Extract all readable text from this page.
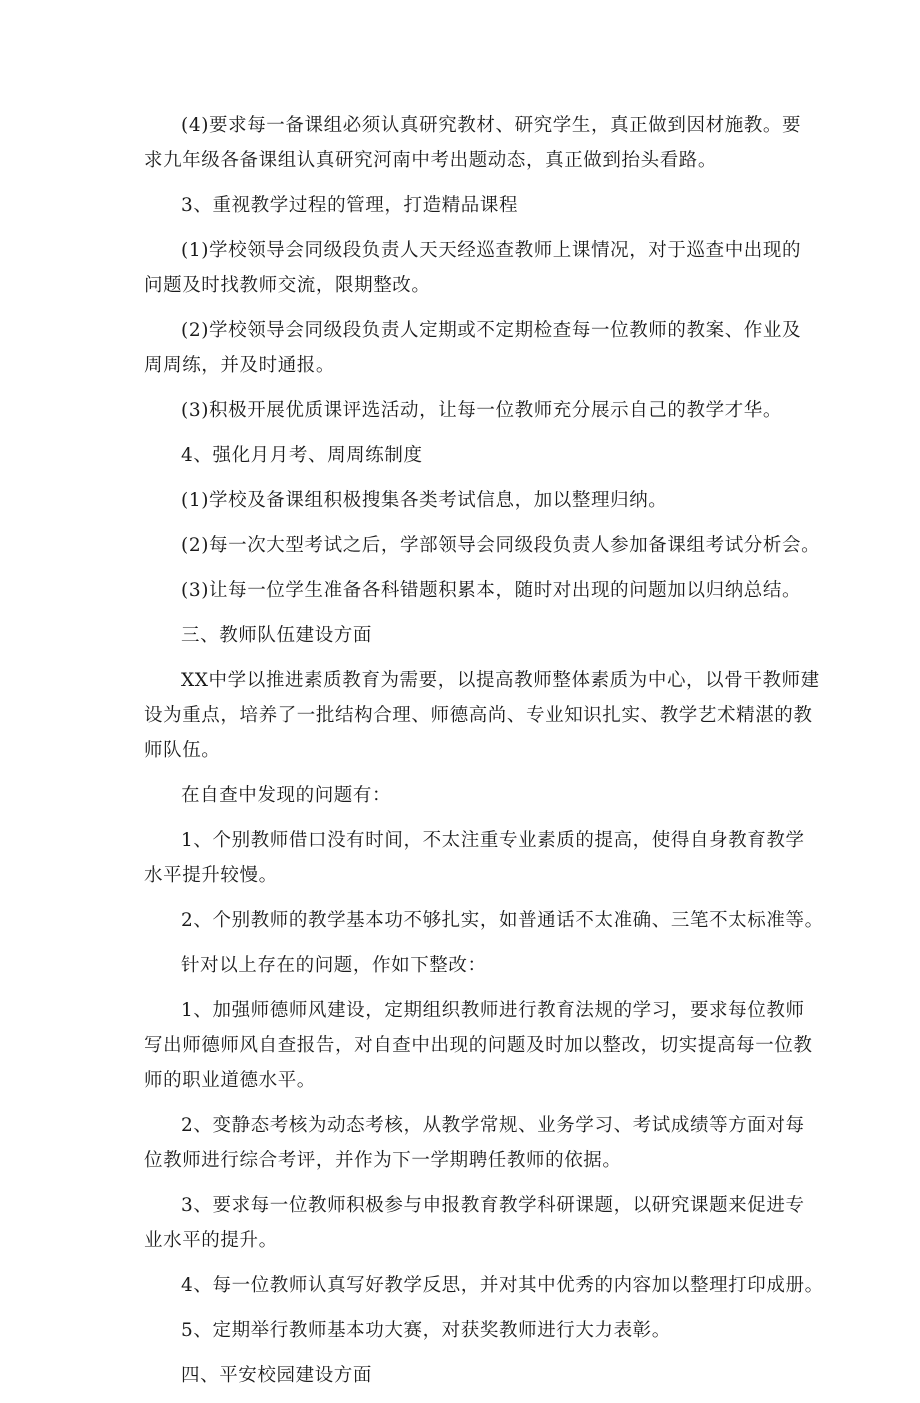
(4)要求每一备课组必须认真研究教材、研究学生，真正做到因材施教。要
求九年级各备课组认真研究河南中考出题动态，真正做到抬头看路。

3、重视教学过程的管理，打造精品课程

(1)学校领导会同级段负责人天天经巡查教师上课情况，对于巡查中出现的
问题及时找教师交流，限期整改。

(2)学校领导会同级段负责人定期或不定期检查每一位教师的教案、作业及
周周练，并及时通报。

(3)积极开展优质课评选活动，让每一位教师充分展示自己的教学才华。

4、强化月月考、周周练制度

(1)学校及备课组积极搜集各类考试信息，加以整理归纳。

(2)每一次大型考试之后，学部领导会同级段负责人参加备课组考试分析会。

(3)让每一位学生准备各科错题积累本，随时对出现的问题加以归纳总结。

三、教师队伍建设方面

XX中学以推进素质教育为需要，以提高教师整体素质为中心，以骨干教师建
设为重点，培养了一批结构合理、师德高尚、专业知识扎实、教学艺术精湛的教
师队伍。

在自查中发现的问题有：

1、个别教师借口没有时间，不太注重专业素质的提高，使得自身教育教学
水平提升较慢。

2、个别教师的教学基本功不够扎实，如普通话不太准确、三笔不太标准等。

针对以上存在的问题，作如下整改：

1、加强师德师风建设，定期组织教师进行教育法规的学习，要求每位教师
写出师德师风自查报告，对自查中出现的问题及时加以整改，切实提高每一位教
师的职业道德水平。

2、变静态考核为动态考核，从教学常规、业务学习、考试成绩等方面对每
位教师进行综合考评，并作为下一学期聘任教师的依据。

3、要求每一位教师积极参与申报教育教学科研课题，以研究课题来促进专
业水平的提升。

4、每一位教师认真写好教学反思，并对其中优秀的内容加以整理打印成册。

5、定期举行教师基本功大赛，对获奖教师进行大力表彰。

四、平安校园建设方面
